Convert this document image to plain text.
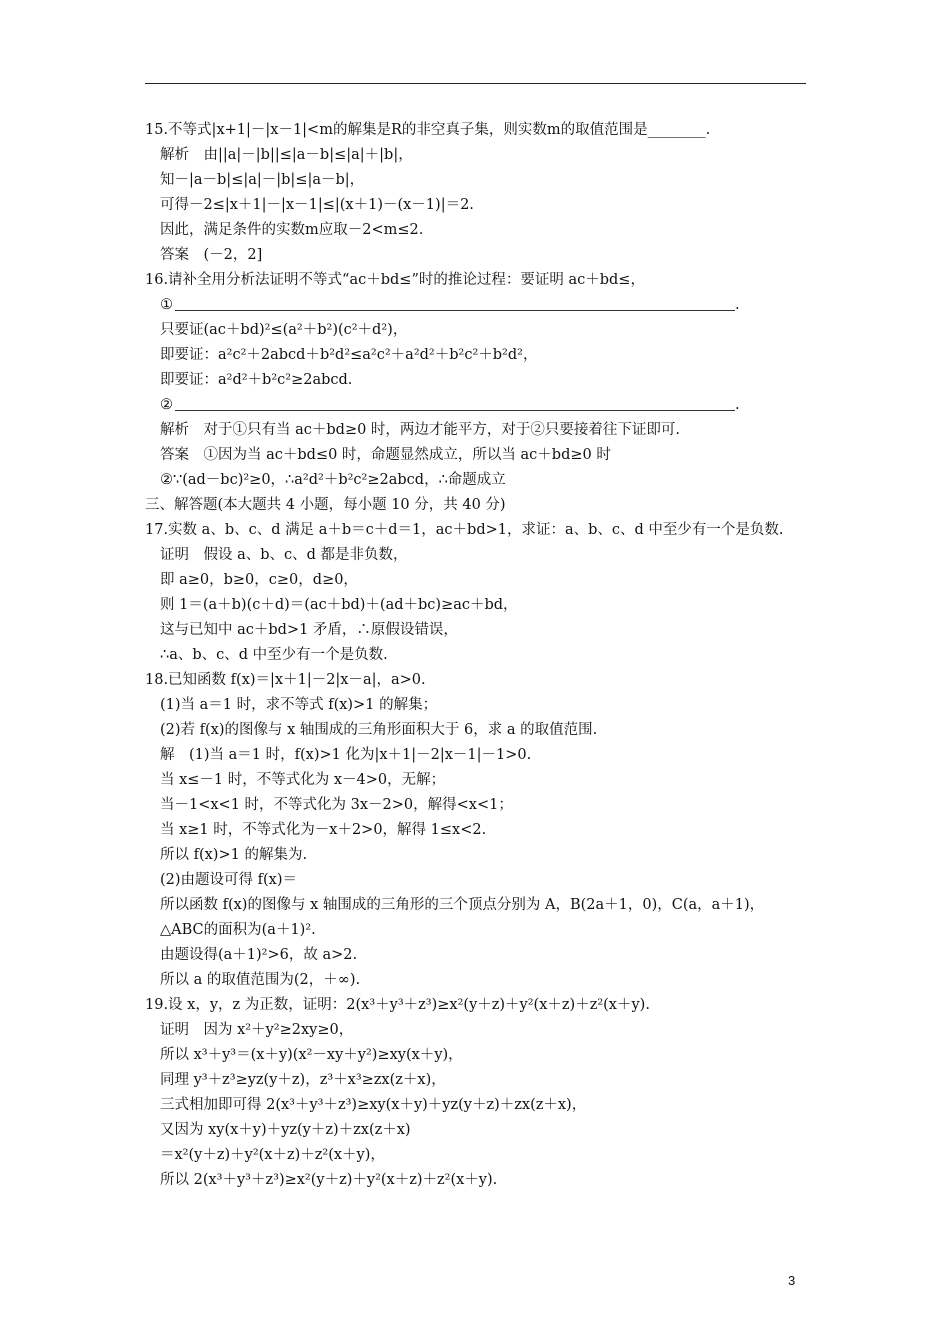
15.不等式|x+1|－|x－1|<m的解集是R的非空真子集，则实数m的取值范围是________.
解析　由||a|－|b||≤|a－b|≤|a|＋|b|，
知－|a－b|≤|a|－|b|≤|a－b|，
可得－2≤|x＋1|－|x－1|≤|(x＋1)－(x－1)|＝2.
因此，满足条件的实数m应取－2<m≤2.
答案　(－2，2]
16.请补全用分析法证明不等式“ac＋bd≤”时的推论过程：要证明 ac＋bd≤，
①	.
只要证(ac＋bd)²≤(a²＋b²)(c²＋d²)，
即要证：a²c²＋2abcd＋b²d²≤a²c²＋a²d²＋b²c²＋b²d²，
即要证：a²d²＋b²c²≥2abcd.
②	.
解析　对于①只有当 ac＋bd≥0 时，两边才能平方，对于②只要接着往下证即可.
答案　①因为当 ac＋bd≤0 时，命题显然成立，所以当 ac＋bd≥0 时
②∵(ad－bc)²≥0，∴a²d²＋b²c²≥2abcd，∴命题成立
三、解答题(本大题共 4 小题，每小题 10 分，共 40 分)
17.实数 a、b、c、d 满足 a＋b＝c＋d＝1，ac＋bd>1，求证：a、b、c、d 中至少有一个是负数.
证明　假设 a、b、c、d 都是非负数，
即 a≥0，b≥0，c≥0，d≥0，
则 1＝(a＋b)(c＋d)＝(ac＋bd)＋(ad＋bc)≥ac＋bd，
这与已知中 ac＋bd>1 矛盾，∴原假设错误，
∴a、b、c、d 中至少有一个是负数.
18.已知函数 f(x)＝|x＋1|－2|x－a|，a>0.
(1)当 a＝1 时，求不等式 f(x)>1 的解集；
(2)若 f(x)的图像与 x 轴围成的三角形面积大于 6，求 a 的取值范围.
解　(1)当 a＝1 时，f(x)>1 化为|x＋1|－2|x－1|－1>0.
当 x≤－1 时，不等式化为 x－4>0，无解；
当－1<x<1 时，不等式化为 3x－2>0，解得<x<1；
当 x≥1 时，不等式化为－x＋2>0，解得 1≤x<2.
所以 f(x)>1 的解集为.
(2)由题设可得 f(x)＝
所以函数 f(x)的图像与 x 轴围成的三角形的三个顶点分别为 A，B(2a＋1，0)，C(a，a＋1)，
△ABC的面积为(a＋1)².
由题设得(a＋1)²>6，故 a>2.
所以 a 的取值范围为(2，＋∞).
19.设 x，y，z 为正数，证明：2(x³＋y³＋z³)≥x²(y＋z)＋y²(x＋z)＋z²(x＋y).
证明　因为 x²＋y²≥2xy≥0，
所以 x³＋y³＝(x＋y)(x²－xy＋y²)≥xy(x＋y)，
同理 y³＋z³≥yz(y＋z)，z³＋x³≥zx(z＋x)，
三式相加即可得 2(x³＋y³＋z³)≥xy(x＋y)＋yz(y＋z)＋zx(z＋x)，
又因为 xy(x＋y)＋yz(y＋z)＋zx(z＋x)
＝x²(y＋z)＋y²(x＋z)＋z²(x＋y)，
所以 2(x³＋y³＋z³)≥x²(y＋z)＋y²(x＋z)＋z²(x＋y).
3
